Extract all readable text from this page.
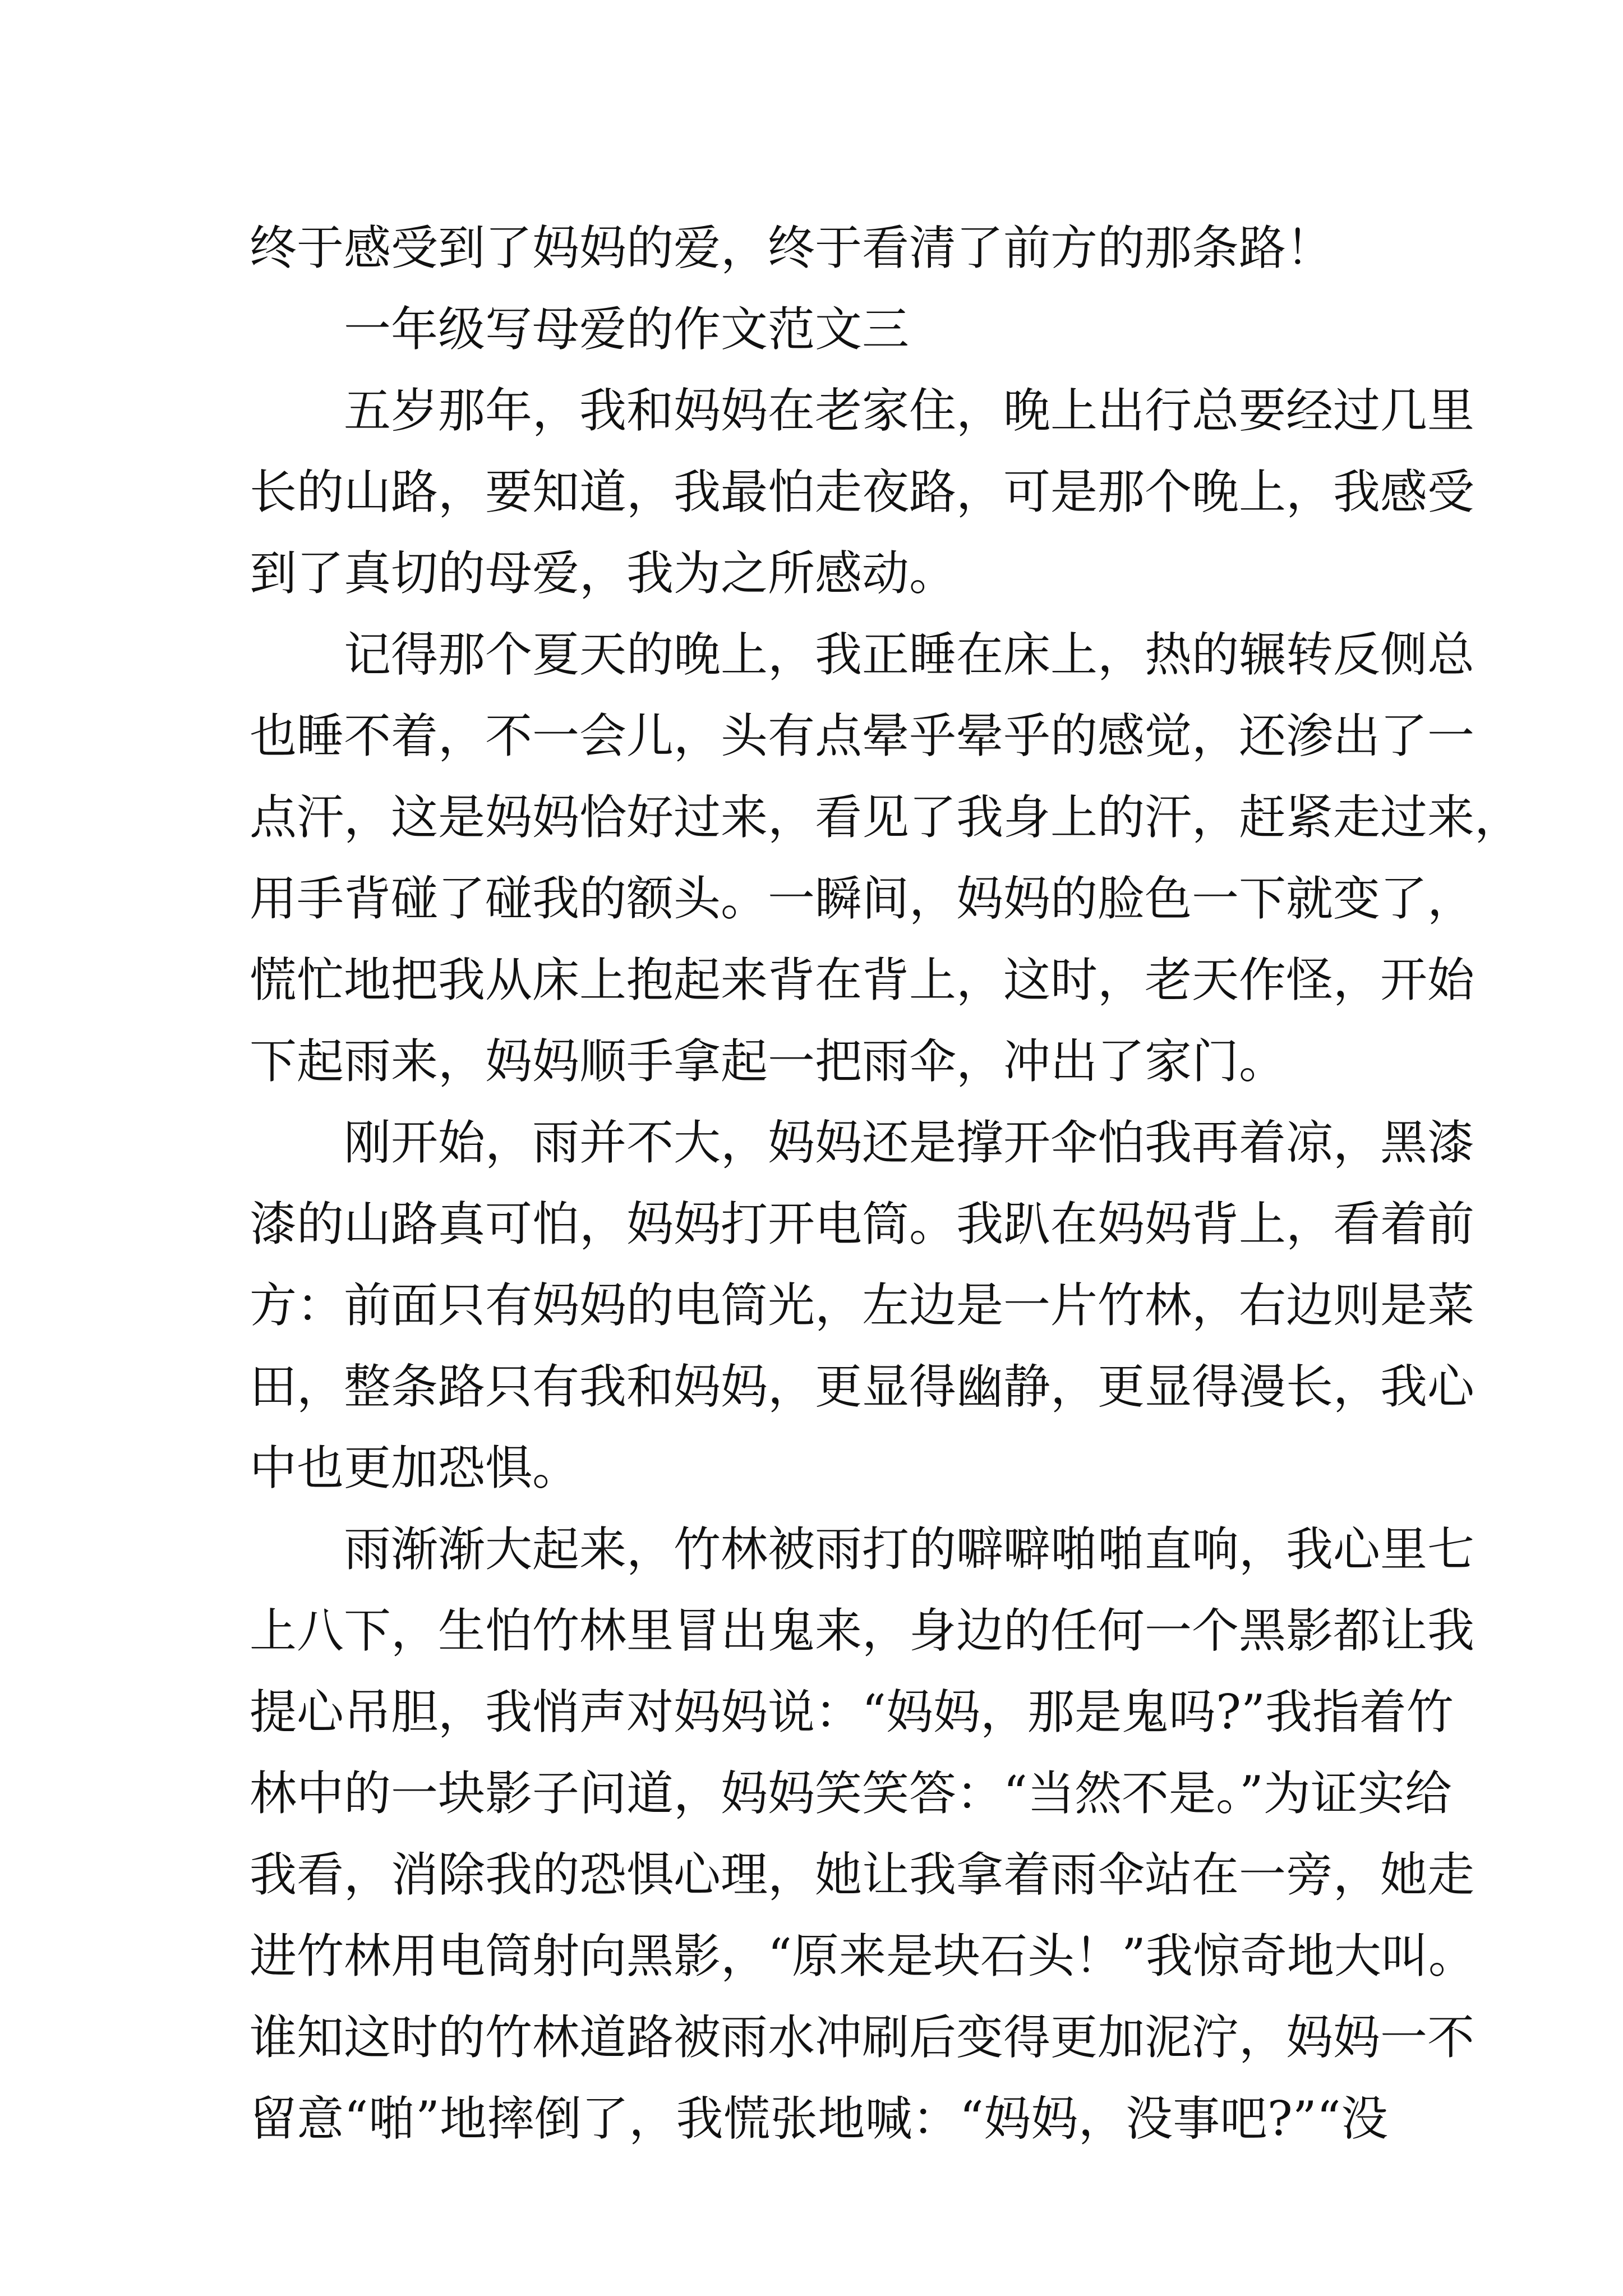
终于感受到了妈妈的爱，终于看清了前方的那条路！
一年级写母爱的作文范文三
五岁那年，我和妈妈在老家住，晚上出行总要经过几里
长的山路，要知道，我最怕走夜路，可是那个晚上，我感受
到了真切的母爱，我为之所感动。
记得那个夏天的晚上，我正睡在床上，热的辗转反侧总
也睡不着，不一会儿，头有点晕乎晕乎的感觉，还渗出了一
点汗，这是妈妈恰好过来，看见了我身上的汗，赶紧走过来，
用手背碰了碰我的额头。一瞬间，妈妈的脸色一下就变了，
慌忙地把我从床上抱起来背在背上，这时，老天作怪，开始
下起雨来，妈妈顺手拿起一把雨伞，冲出了家门。
刚开始，雨并不大，妈妈还是撑开伞怕我再着凉，黑漆
漆的山路真可怕，妈妈打开电筒。我趴在妈妈背上，看着前
方：前面只有妈妈的电筒光，左边是一片竹林，右边则是菜
田，整条路只有我和妈妈，更显得幽静，更显得漫长，我心
中也更加恐惧。
雨渐渐大起来，竹林被雨打的噼噼啪啪直响，我心里七
上八下，生怕竹林里冒出鬼来，身边的任何一个黑影都让我
提心吊胆，我悄声对妈妈说：“妈妈，那是鬼吗?”我指着竹
林中的一块影子问道，妈妈笑笑答：“当然不是。”为证实给
我看，消除我的恐惧心理，她让我拿着雨伞站在一旁，她走
进竹林用电筒射向黑影，“原来是块石头！”我惊奇地大叫。
谁知这时的竹林道路被雨水冲刷后变得更加泥泞，妈妈一不
留意“啪”地摔倒了，我慌张地喊：“妈妈，没事吧?”“没
